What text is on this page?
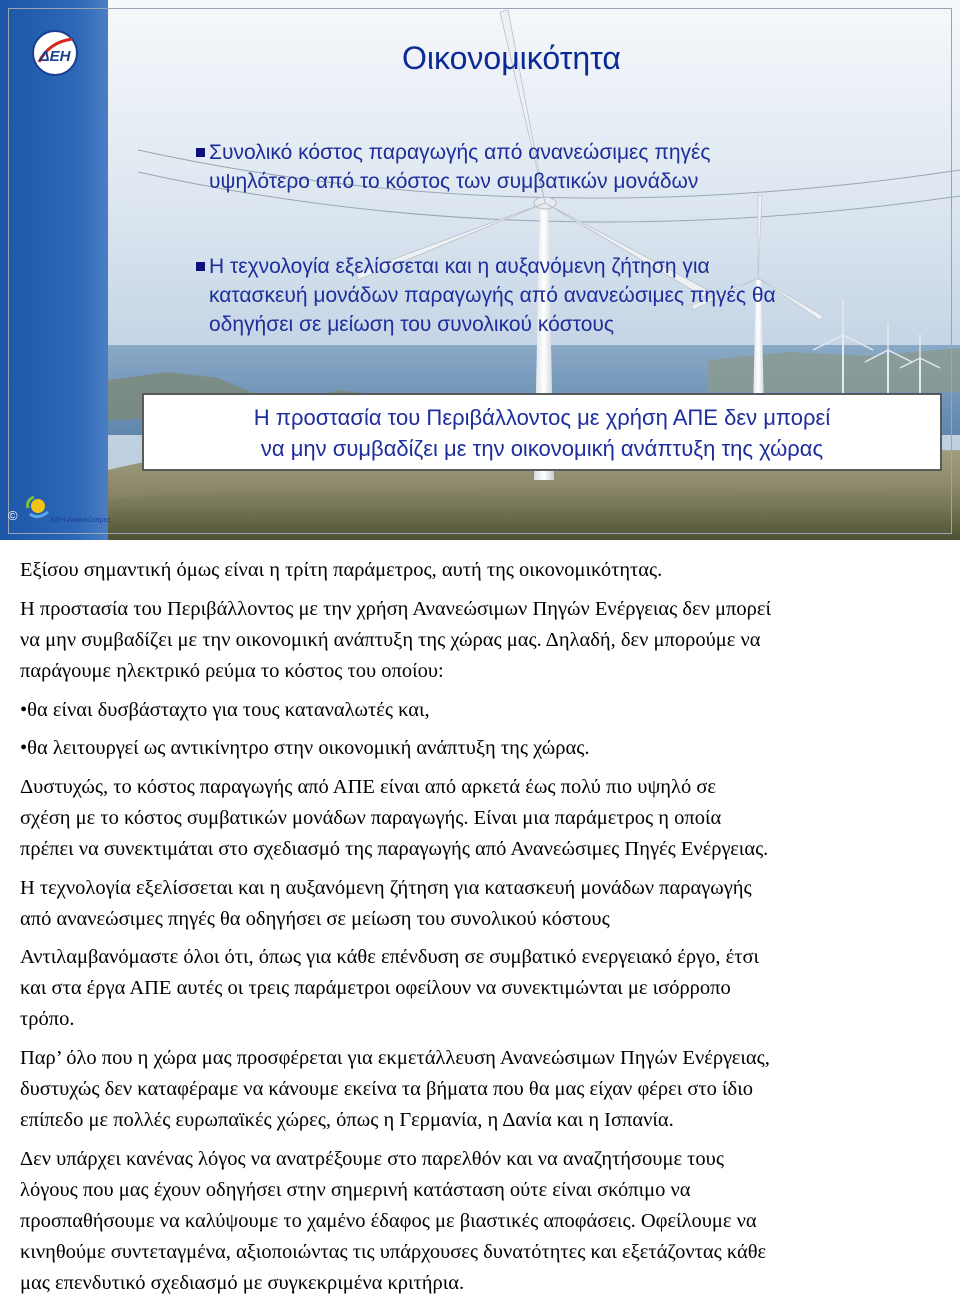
ΔΕΗ
ΔΕΗ Ανανεώσιμες
©
Οικονομικότητα
Συνολικό κόστος παραγωγής από ανανεώσιμες πηγές
υψηλότερο από το κόστος των συμβατικών μονάδων
Η τεχνολογία εξελίσσεται και η αυξανόμενη ζήτηση για
κατασκευή μονάδων παραγωγής από ανανεώσιμες πηγές θα
οδηγήσει σε μείωση του συνολικού κόστους
Η προστασία του Περιβάλλοντος με χρήση ΑΠΕ δεν μπορεί
να μην συμβαδίζει με την οικονομική ανάπτυξη της χώρας
Εξίσου σημαντική όμως είναι η τρίτη παράμετρος, αυτή της οικονομικότητας.
Η προστασία του Περιβάλλοντος με την χρήση Ανανεώσιμων Πηγών Ενέργειας δεν μπορεί
να μην συμβαδίζει με την οικονομική ανάπτυξη της χώρας μας. Δηλαδή, δεν μπορούμε να
παράγουμε ηλεκτρικό ρεύμα το κόστος του οποίου:
•θα είναι δυσβάσταχτο για τους καταναλωτές και,
•θα λειτουργεί ως αντικίνητρο στην οικονομική ανάπτυξη της χώρας.
Δυστυχώς, το κόστος παραγωγής από ΑΠΕ είναι από αρκετά έως πολύ πιο υψηλό σε
σχέση με το κόστος συμβατικών μονάδων παραγωγής. Είναι μια παράμετρος η οποία
πρέπει να συνεκτιμάται στο σχεδιασμό της παραγωγής από Ανανεώσιμες Πηγές Ενέργειας.
Η τεχνολογία εξελίσσεται και η αυξανόμενη ζήτηση για κατασκευή μονάδων παραγωγής
από ανανεώσιμες πηγές θα οδηγήσει σε μείωση του συνολικού κόστους
Αντιλαμβανόμαστε όλοι ότι, όπως για κάθε επένδυση σε συμβατικό ενεργειακό έργο, έτσι
και στα έργα ΑΠΕ αυτές οι τρεις παράμετροι οφείλουν να συνεκτιμώνται με ισόρροπο
τρόπο.
Παρ’ όλο που η χώρα μας προσφέρεται για εκμετάλλευση Ανανεώσιμων Πηγών Ενέργειας,
δυστυχώς δεν καταφέραμε να κάνουμε εκείνα τα βήματα που θα μας είχαν φέρει στο ίδιο
επίπεδο με πολλές ευρωπαϊκές χώρες, όπως η Γερμανία, η Δανία και η Ισπανία.
Δεν υπάρχει κανένας λόγος να ανατρέξουμε στο παρελθόν και να αναζητήσουμε τους
λόγους που μας έχουν οδηγήσει στην σημερινή κατάσταση ούτε είναι σκόπιμο να
προσπαθήσουμε να καλύψουμε το χαμένο έδαφος με βιαστικές αποφάσεις. Οφείλουμε να
κινηθούμε συντεταγμένα, αξιοποιώντας τις υπάρχουσες δυνατότητες και εξετάζοντας κάθε
μας επενδυτικό σχεδιασμό με συγκεκριμένα κριτήρια.
